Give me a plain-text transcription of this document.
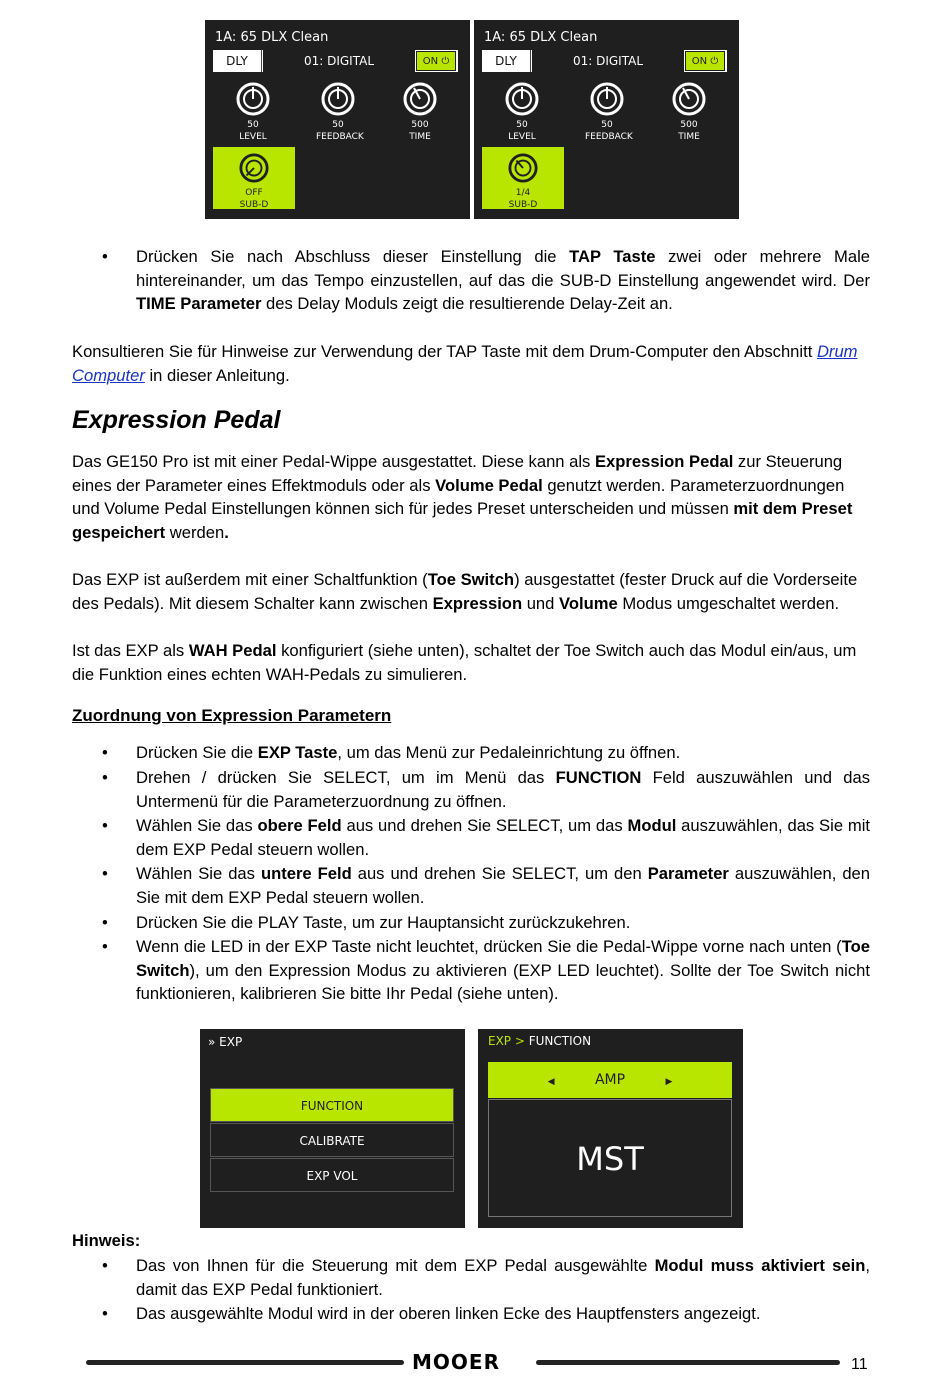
1A: 65 DLX Clean
DLY	01: DIGITAL	ON ⏻
50
LEVEL
50
FEEDBACK
500
TIME
OFF
SUB-D
1A: 65 DLX Clean
DLY	01: DIGITAL	ON ⏻
50
LEVEL
50
FEEDBACK
500
TIME
1/4
SUB-D
• Drücken Sie nach Abschluss dieser Einstellung die TAP Taste zwei oder mehrere Male hintereinander, um das Tempo einzustellen, auf das die SUB-D Einstellung angewendet wird. Der TIME Parameter des Delay Moduls zeigt die resultierende Delay-Zeit an.
Konsultieren Sie für Hinweise zur Verwendung der TAP Taste mit dem Drum-Computer den Abschnitt Drum Computer in dieser Anleitung.
Expression Pedal
Das GE150 Pro ist mit einer Pedal-Wippe ausgestattet. Diese kann als Expression Pedal zur Steuerung eines der Parameter eines Effektmoduls oder als Volume Pedal genutzt werden. Parameterzuordnungen und Volume Pedal Einstellungen können sich für jedes Preset unterscheiden und müssen mit dem Preset gespeichert werden.
Das EXP ist außerdem mit einer Schaltfunktion (Toe Switch) ausgestattet (fester Druck auf die Vorderseite des Pedals). Mit diesem Schalter kann zwischen Expression und Volume Modus umgeschaltet werden.
Ist das EXP als WAH Pedal konfiguriert (siehe unten), schaltet der Toe Switch auch das Modul ein/aus, um die Funktion eines echten WAH-Pedals zu simulieren.
Zuordnung von Expression Parametern
• Drücken Sie die EXP Taste, um das Menü zur Pedaleinrichtung zu öffnen.
• Drehen / drücken Sie SELECT, um im Menü das FUNCTION Feld auszuwählen und das Untermenü für die Parameterzuordnung zu öffnen.
• Wählen Sie das obere Feld aus und drehen Sie SELECT, um das Modul auszuwählen, das Sie mit dem EXP Pedal steuern wollen.
• Wählen Sie das untere Feld aus und drehen Sie SELECT, um den Parameter auszuwählen, den Sie mit dem EXP Pedal steuern wollen.
• Drücken Sie die PLAY Taste, um zur Hauptansicht zurückzukehren.
• Wenn die LED in der EXP Taste nicht leuchtet, drücken Sie die Pedal-Wippe vorne nach unten (Toe Switch), um den Expression Modus zu aktivieren (EXP LED leuchtet). Sollte der Toe Switch nicht funktionieren, kalibrieren Sie bitte Ihr Pedal (siehe unten).
» EXP
FUNCTION
CALIBRATE
EXP VOL
EXP > FUNCTION
◀	AMP	▶
MST
Hinweis:
• Das von Ihnen für die Steuerung mit dem EXP Pedal ausgewählte Modul muss aktiviert sein, damit das EXP Pedal funktioniert.
• Das ausgewählte Modul wird in der oberen linken Ecke des Hauptfensters angezeigt.
MOOER	11
